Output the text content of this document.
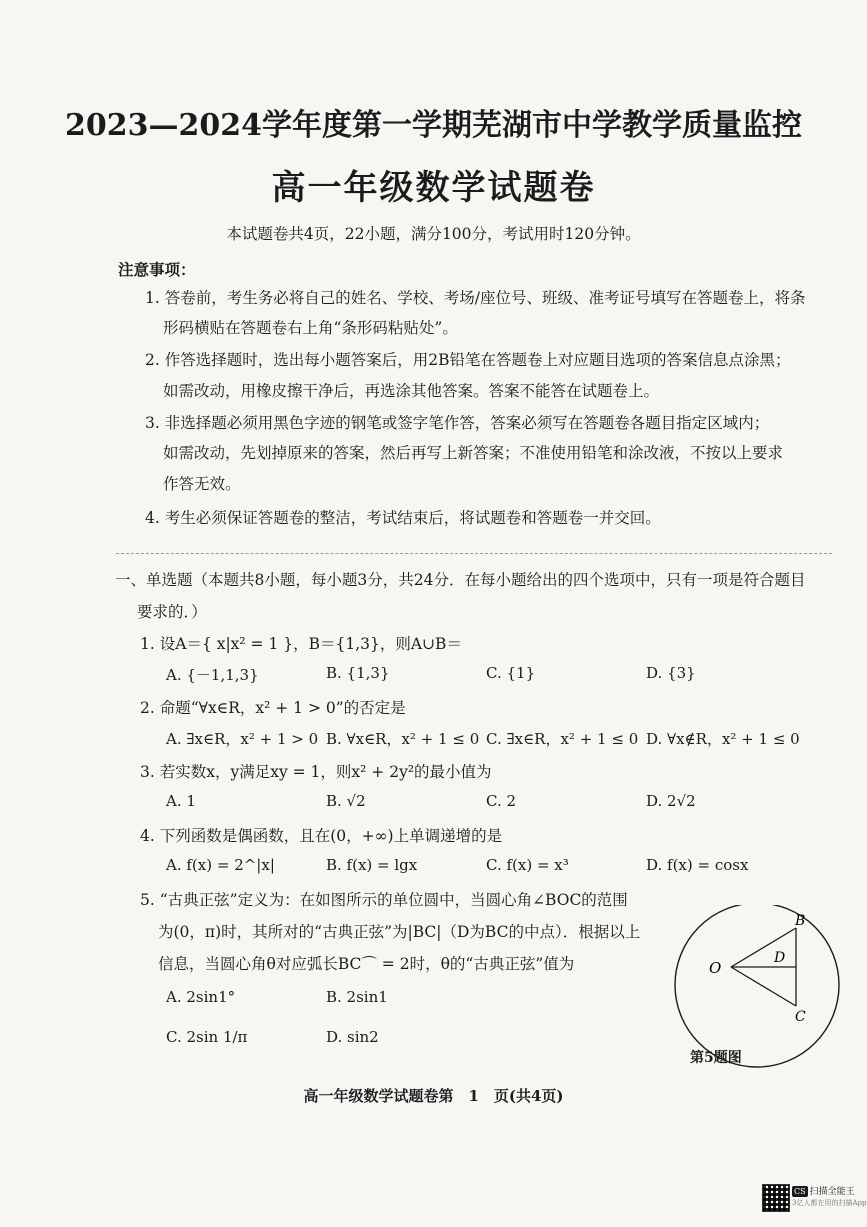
2023—2024学年度第一学期芜湖市中学教学质量监控
高一年级数学试题卷
本试题卷共4页，22小题，满分100分，考试用时120分钟。
注意事项：
1. 答卷前，考生务必将自己的姓名、学校、考场/座位号、班级、准考证号填写在答题卷上，将条
形码横贴在答题卷右上角“条形码粘贴处”。
2. 作答选择题时，选出每小题答案后，用2B铅笔在答题卷上对应题目选项的答案信息点涂黑；
如需改动，用橡皮擦干净后，再选涂其他答案。答案不能答在试题卷上。
3. 非选择题必须用黑色字迹的钢笔或签字笔作答，答案必须写在答题卷各题目指定区域内；
如需改动，先划掉原来的答案，然后再写上新答案；不准使用铅笔和涂改液，不按以上要求
作答无效。
4. 考生必须保证答题卷的整洁，考试结束后，将试题卷和答题卷一并交回。
一、单选题（本题共8小题，每小题3分，共24分．在每小题给出的四个选项中，只有一项是符合题目
要求的．）
1. 设A＝{ x|x² = 1 }，B＝{1,3}，则A∪B＝
A. {－1,1,3}	B. {1,3}	C. {1}	D. {3}
2. 命题“∀x∈R，x² + 1 > 0”的否定是
A. ∃x∈R，x² + 1 > 0 B. ∀x∈R，x² + 1 ≤ 0 C. ∃x∈R，x² + 1 ≤ 0 D. ∀x∉R，x² + 1 ≤ 0
3. 若实数x，y满足xy = 1，则x² + 2y²的最小值为
A. 1	B. √2	C. 2	D. 2√2
4. 下列函数是偶函数，且在(0，+∞)上单调递增的是
A. f(x) = 2^|x|	B. f(x) = lgx	C. f(x) = x³	D. f(x) = cosx
5. “古典正弦”定义为：在如图所示的单位圆中，当圆心角∠BOC的范围
为(0，π)时，其所对的“古典正弦”为|BC|（D为BC的中点）．根据以上
信息，当圆心角θ对应弧长BC⌒ = 2时，θ的“古典正弦”值为
A. 2sin1°	B. 2sin1
C. 2sin 1/π	D. sin2
O
B
C
D
第5题图
高一年级数学试题卷第　1　页(共4页)
CS 扫描全能王
3亿人都在用的扫描App
